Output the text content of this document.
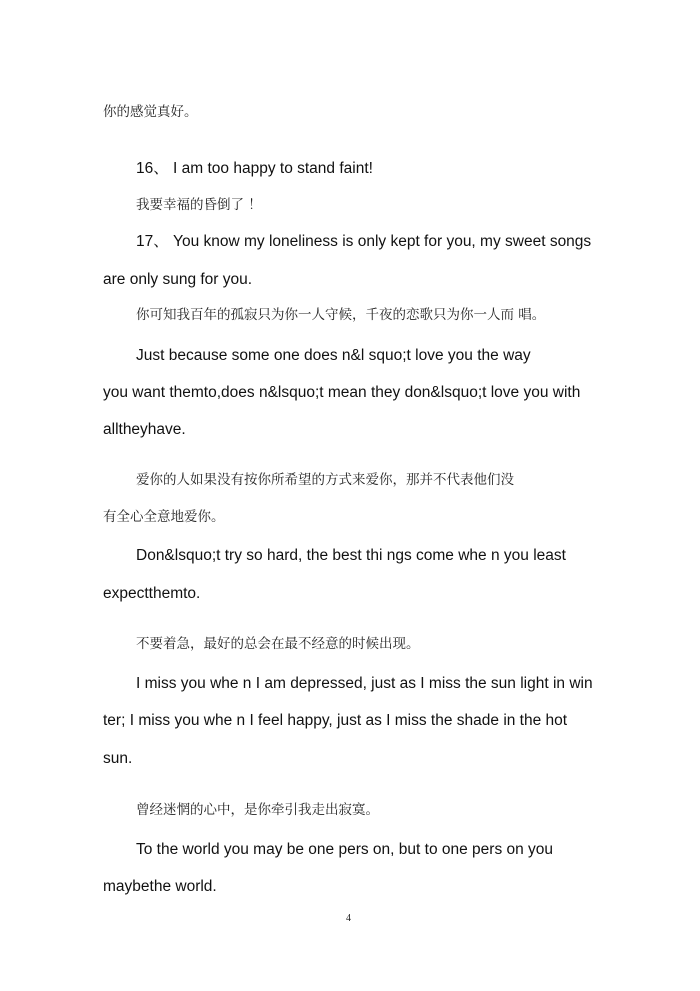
你的感觉真好。
16、 I am too happy to stand faint!
我要幸福的昏倒了 ！
17、 You know my loneliness is only kept for you, my sweet songs
are only sung for you.
你可知我百年的孤寂只为你一人守候，千夜的恋歌只为你一人而 唱。
Just because some one does n&l squo;t love you the way
you want themto,does n&lsquo;t mean they don&lsquo;t love you with
alltheyhave.
爱你的人如果没有按你所希望的方式来爱你，那并不代表他们没
有全心全意地爱你。
Don&lsquo;t try so hard, the best thi ngs come whe n you least
expectthemto.
不要着急，最好的总会在最不经意的时候出现。
I miss you whe n I am depressed, just as I miss the sun light in win
ter; I miss you whe n I feel happy, just as I miss the shade in the hot
sun.
曾经迷惘的心中，是你牵引我走出寂寞。
To the world you may be one pers on, but to one pers on you
maybethe world.
4
